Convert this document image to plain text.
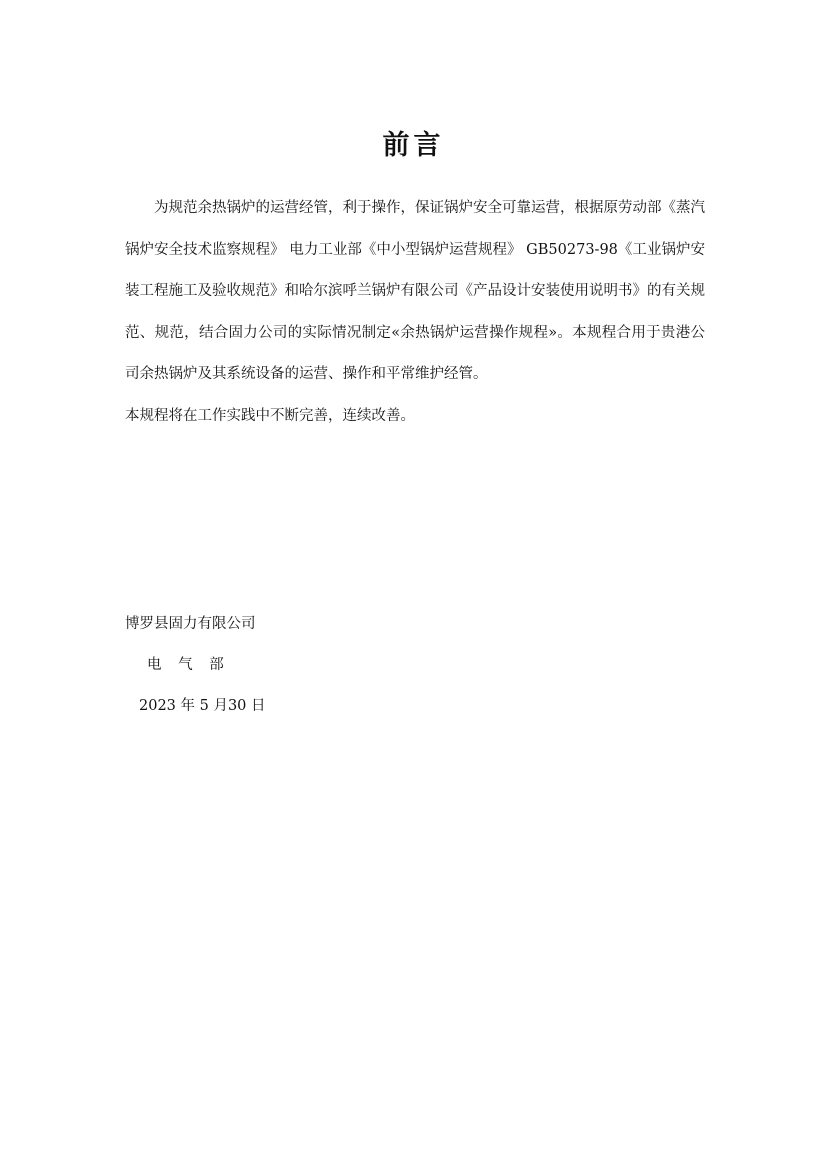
前言

为规范余热锅炉的运营经管，利于操作，保证锅炉安全可靠运营，根据原劳动部《蒸汽锅炉安全技术监察规程》 电力工业部《中小型锅炉运营规程》 GB50273-98《工业锅炉安装工程施工及验收规范》和哈尔滨呼兰锅炉有限公司《产品设计安装使用说明书》的有关规范、规范，结合固力公司的实际情况制定«余热锅炉运营操作规程»。本规程合用于贵港公司余热锅炉及其系统设备的运营、操作和平常维护经管。

本规程将在工作实践中不断完善，连续改善。

博罗县固力有限公司
电 气 部
2023 年 5 月30 日
